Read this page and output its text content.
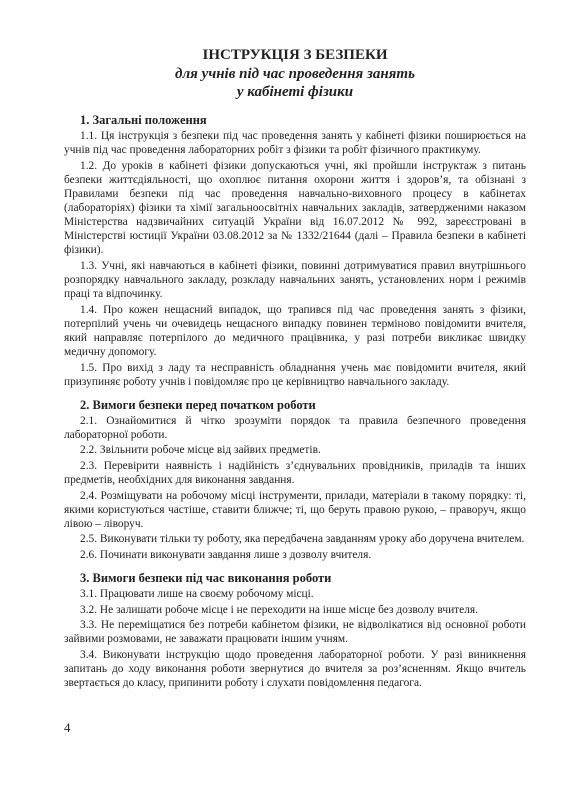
ІНСТРУКЦІЯ З БЕЗПЕКИ
для учнів під час проведення занять
у кабінеті фізики
1. Загальні положення

1.1. Ця інструкція з безпеки під час проведення занять у кабінеті фізики поширюється на учнів під час проведення лабораторних робіт з фізики та робіт фізичного практикуму.

1.2. До уроків в кабінеті фізики допускаються учні, які пройшли інструктаж з питань безпеки життєдіяльності, що охоплює питання охорони життя і здоров’я, та обізнані з Правилами безпеки під час проведення навчально-виховного процесу в кабінетах (лабораторіях) фізики та хімії загальноосвітніх навчальних закладів, затвердженими наказом Міністерства надзвичайних ситуацій України від 16.07.2012 № 992, зареєстровані в Міністерстві юстиції України 03.08.2012 за № 1332/21644 (далі – Правила безпеки в кабінеті фізики).

1.3. Учні, які навчаються в кабінеті фізики, повинні дотримуватися правил внутрішнього розпорядку навчального закладу, розкладу навчальних занять, установлених норм і режимів праці та відпочинку.

1.4. Про кожен нещасний випадок, що трапився під час проведення занять з фізики, потерпілий учень чи очевидець нещасного випадку повинен терміново повідомити вчителя, який направляє потерпілого до медичного працівника, у разі потреби викликає швидку медичну допомогу.

1.5. Про вихід з ладу та несправність обладнання учень має повідомити вчителя, який призупиняє роботу учнів і повідомляє про це керівництво навчального закладу.

2. Вимоги безпеки перед початком роботи

2.1. Ознайомитися й чітко зрозуміти порядок та правила безпечного проведення лабораторної роботи.

2.2. Звільнити робоче місце від зайвих предметів.

2.3. Перевірити наявність і надійність з’єднувальних провідників, приладів та інших предметів, необхідних для виконання завдання.

2.4. Розміщувати на робочому місці інструменти, прилади, матеріали в такому порядку: ті, якими користуються частіше, ставити ближче; ті, що беруть правою рукою, – праворуч, якщо лівою – ліворуч.

2.5. Виконувати тільки ту роботу, яка передбачена завданням уроку або доручена вчителем.

2.6. Починати виконувати завдання лише з дозволу вчителя.

3. Вимоги безпеки під час виконання роботи

3.1. Працювати лише на своєму робочому місці.

3.2. Не залишати робоче місце і не переходити на інше місце без дозволу вчителя.

3.3. Не переміщатися без потреби кабінетом фізики, не відволікатися від основної роботи зайвими розмовами, не заважати працювати іншим учням.

3.4. Виконувати інструкцію щодо проведення лабораторної роботи. У разі виникнення запитань до ходу виконання роботи звернутися до вчителя за роз’ясненням. Якщо вчитель звертається до класу, припинити роботу і слухати повідомлення педагога.

4
